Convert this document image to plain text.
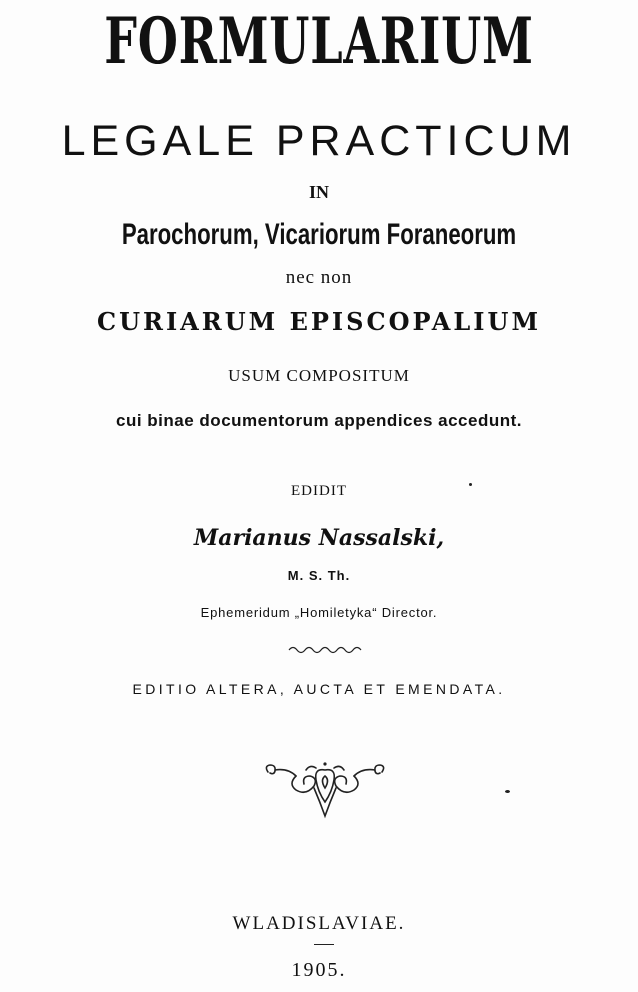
FORMULARIUM
LEGALE PRACTICUM
IN
Parochorum, Vicariorum Foraneorum
nec non
CURIARUM EPISCOPALIUM
USUM COMPOSITUM
cui binae documentorum appendices accedunt.
EDIDIT
Marianus Nassalski,
M. S. Th.
Ephemeridum „Homiletyka“ Director.
EDITIO ALTERA, AUCTA ET EMENDATA.
WLADISLAVIAE.
1905.
